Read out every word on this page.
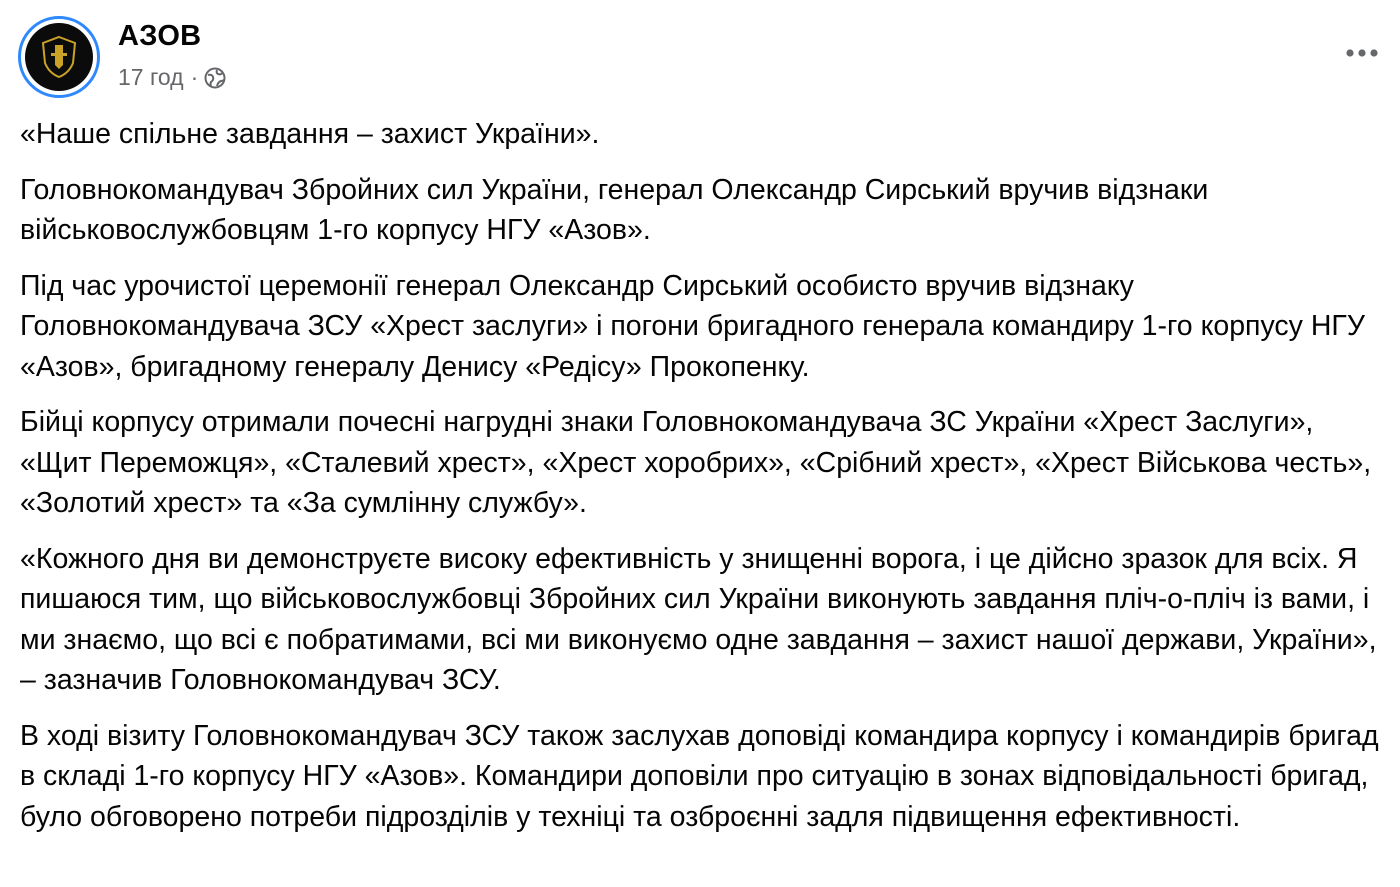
АЗОВ
17 год ·

«Наше спільне завдання – захист України».

Головнокомандувач Збройних сил України, генерал Олександр Сирський вручив відзнаки військовослужбовцям 1-го корпусу НГУ «Азов».

Під час урочистої церемонії генерал Олександр Сирський особисто вручив відзнаку Головнокомандувача ЗСУ «Хрест заслуги» і погони бригадного генерала командиру 1-го корпусу НГУ «Азов», бригадному генералу Денису «Редісу» Прокопенку.

Бійці корпусу отримали почесні нагрудні знаки Головнокомандувача ЗС України «Хрест Заслуги», «Щит Переможця», «Сталевий хрест», «Хрест хоробрих», «Срібний хрест», «Хрест Військова честь», «Золотий хрест» та «За сумлінну службу».

«Кожного дня ви демонструєте високу ефективність у знищенні ворога, і це дійсно зразок для всіх. Я пишаюся тим, що військовослужбовці Збройних сил України виконують завдання пліч-о-пліч із вами, і ми знаємо, що всі є побратимами, всі ми виконуємо одне завдання – захист нашої держави, України», – зазначив Головнокомандувач ЗСУ.

В ході візиту Головнокомандувач ЗСУ також заслухав доповіді командира корпусу і командирів бригад в складі 1-го корпусу НГУ «Азов». Командири доповіли про ситуацію в зонах відповідальності бригад, було обговорено потреби підрозділів у техніці та озброєнні задля підвищення ефективності.
